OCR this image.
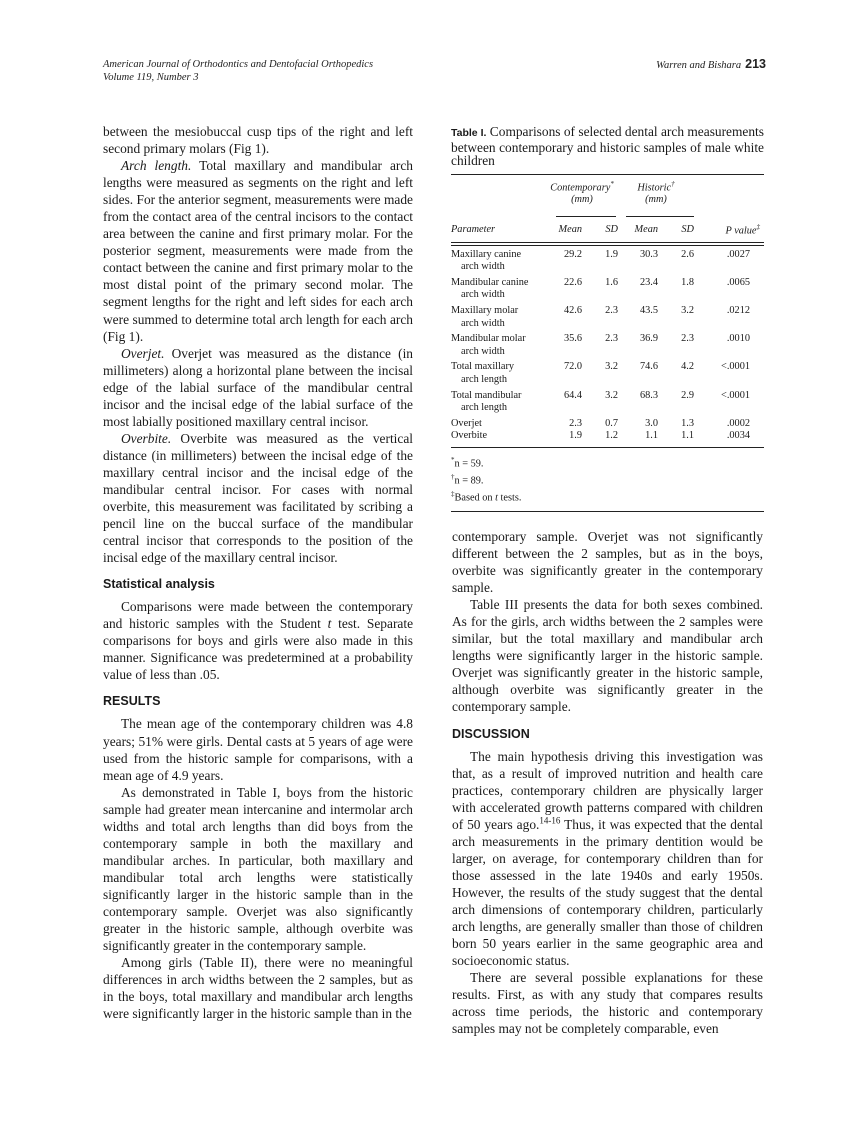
American Journal of Orthodontics and Dentofacial Orthopedics
Volume 119, Number 3
Warren and Bishara 213

between the mesiobuccal cusp tips of the right and left second primary molars (Fig 1).

Arch length. Total maxillary and mandibular arch lengths were measured as segments on the right and left sides. For the anterior segment, measurements were made from the contact area of the central incisors to the contact area between the canine and first primary molar. For the posterior segment, measurements were made from the contact between the canine and first primary molar to the most distal point of the primary second molar. The segment lengths for the right and left sides for each arch were summed to determine total arch length for each arch (Fig 1).

Overjet. Overjet was measured as the distance (in millimeters) along a horizontal plane between the incisal edge of the labial surface of the mandibular central incisor and the incisal edge of the labial surface of the most labially positioned maxillary central incisor.

Overbite. Overbite was measured as the vertical distance (in millimeters) between the incisal edge of the maxillary central incisor and the incisal edge of the mandibular central incisor. For cases with normal overbite, this measurement was facilitated by scribing a pencil line on the buccal surface of the mandibular central incisor that corresponds to the position of the incisal edge of the maxillary central incisor.

Statistical analysis

Comparisons were made between the contemporary and historic samples with the Student t test. Separate comparisons for boys and girls were also made in this manner. Significance was predetermined at a probability value of less than .05.

RESULTS

The mean age of the contemporary children was 4.8 years; 51% were girls. Dental casts at 5 years of age were used from the historic sample for comparisons, with a mean age of 4.9 years.

As demonstrated in Table I, boys from the historic sample had greater mean intercanine and intermolar arch widths and total arch lengths than did boys from the contemporary sample in both the maxillary and mandibular arches. In particular, both maxillary and mandibular total arch lengths were statistically significantly larger in the historic sample than in the contemporary sample. Overjet was also significantly greater in the historic sample, although overbite was significantly greater in the contemporary sample.

Among girls (Table II), there were no meaningful differences in arch widths between the 2 samples, but as in the boys, total maxillary and mandibular arch lengths were significantly larger in the historic sample than in the

Table I. Comparisons of selected dental arch measurements between contemporary and historic samples of male white children

Contemporary*
(mm)

Historic†
(mm)

Parameter	Mean	SD	Mean	SD	P value‡

Maxillary canine
arch width	29.2	1.9	30.3	2.6	.0027
Mandibular canine
arch width	22.6	1.6	23.4	1.8	.0065
Maxillary molar
arch width	42.6	2.3	43.5	3.2	.0212
Mandibular molar
arch width	35.6	2.3	36.9	2.3	.0010
Total maxillary
arch length	72.0	3.2	74.6	4.2	<.0001
Total mandibular
arch length	64.4	3.2	68.3	2.9	<.0001
Overjet	2.3	0.7	3.0	1.3	.0002
Overbite	1.9	1.2	1.1	1.1	.0034
*n = 59.
†n = 89.
‡Based on t tests.

contemporary sample. Overjet was not significantly different between the 2 samples, but as in the boys, overbite was significantly greater in the contemporary sample.

Table III presents the data for both sexes combined. As for the girls, arch widths between the 2 samples were similar, but the total maxillary and mandibular arch lengths were significantly larger in the historic sample. Overjet was significantly greater in the historic sample, although overbite was significantly greater in the contemporary sample.

DISCUSSION

The main hypothesis driving this investigation was that, as a result of improved nutrition and health care practices, contemporary children are physically larger with accelerated growth patterns compared with children of 50 years ago.$^{14-16}$ Thus, it was expected that the dental arch measurements in the primary dentition would be larger, on average, for contemporary children than for those assessed in the late 1940s and early 1950s. However, the results of the study suggest that the dental arch dimensions of contemporary children, particularly arch lengths, are generally smaller than those of children born 50 years earlier in the same geographic area and socioeconomic status.

There are several possible explanations for these results. First, as with any study that compares results across time periods, the historic and contemporary samples may not be completely comparable, even
